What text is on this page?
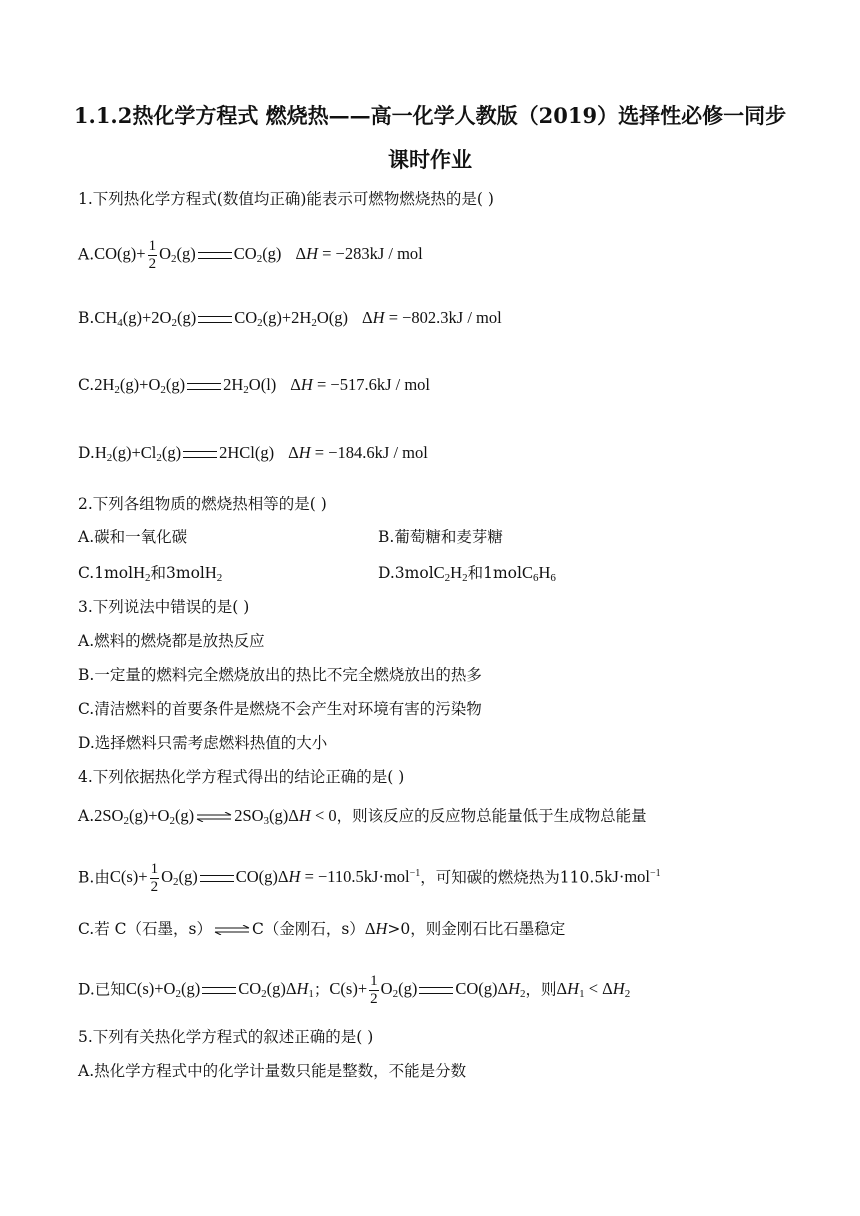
1.1.2热化学方程式 燃烧热——高一化学人教版（2019）选择性必修一同步
课时作业
1.下列热化学方程式(数值均正确)能表示可燃物燃烧热的是( )
$A.CO(g)+ \frac{1}{2} O_2(g)$ $CO_2(g) \Delta H = -283kJ$ / mol
$B.CH_4(g)+2O_2(g)$ $CO_2(g)+2H_2O(g) \Delta H = -802.3kJ$ / mol
$C.2H_2(g)+O_2(g)$ $2H_2O(l) \Delta H = -517.6kJ$ / mol
$D.H_2(g)+Cl_2(g)$ 2HCl(g) ΔH = −184.6kJ / mol
2.下列各组物质的燃烧热相等的是( )
A.碳和一氧化碳	B.葡萄糖和麦芽糖
C.1molH$_2$和3molH$_2$	$D.3molC_2H_2$和$1molC_6H_6$
3.下列说法中错误的是( )
A.燃料的燃烧都是放热反应
B.一定量的燃料完全燃烧放出的热比不完全燃烧放出的热多
C.清洁燃料的首要条件是燃烧不会产生对环境有害的污染物
D.选择燃料只需考虑燃料热值的大小
4.下列依据热化学方程式得出的结论正确的是( )
$A.2SO_2(g)+O_2(g)$ ⇌ $2SO_3(g)\Delta H < 0$，则该反应的反应物总能量低于生成物总能量
B.由$C(s)+ \frac{1}{2} O_2(g) CO(g)\Delta H = -110.5kJ\cdot mol^{-1}$，可知碳的燃烧热为110.5kJ·mol$^{-1}$
C.若 C（石墨，s） ⇌ C（金刚石，s）ΔH>0，则金刚石比石墨稳定
D.已知$C(s)+O_2(g)$ $CO_2(g)\Delta H_1$；$C(s)+ \frac{1}{2} O_2(g)$ $CO(g)\Delta H_2$，则$\Delta H_1 < \Delta H_2$
5.下列有关热化学方程式的叙述正确的是( )
A.热化学方程式中的化学计量数只能是整数，不能是分数
